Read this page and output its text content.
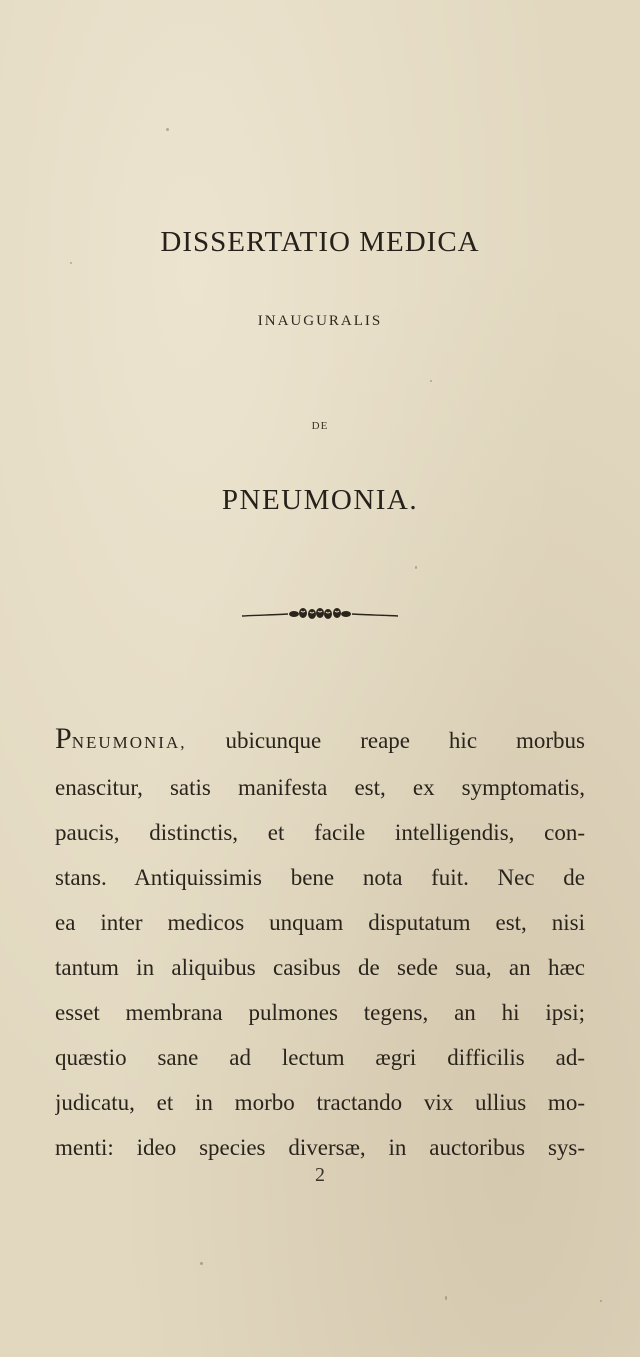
DISSERTATIO MEDICA
INAUGURALIS
DE
PNEUMONIA.
PNEUMONIA, ubicunque reape hic morbus
enascitur, satis manifesta est, ex symptomatis,
paucis, distinctis, et facile intelligendis, con-
stans. Antiquissimis bene nota fuit. Nec de
ea inter medicos unquam disputatum est, nisi
tantum in aliquibus casibus de sede sua, an hæc
esset membrana pulmones tegens, an hi ipsi;
quæstio sane ad lectum ægri difficilis ad-
judicatu, et in morbo tractando vix ullius mo-
menti: ideo species diversæ, in auctoribus sys-
2
